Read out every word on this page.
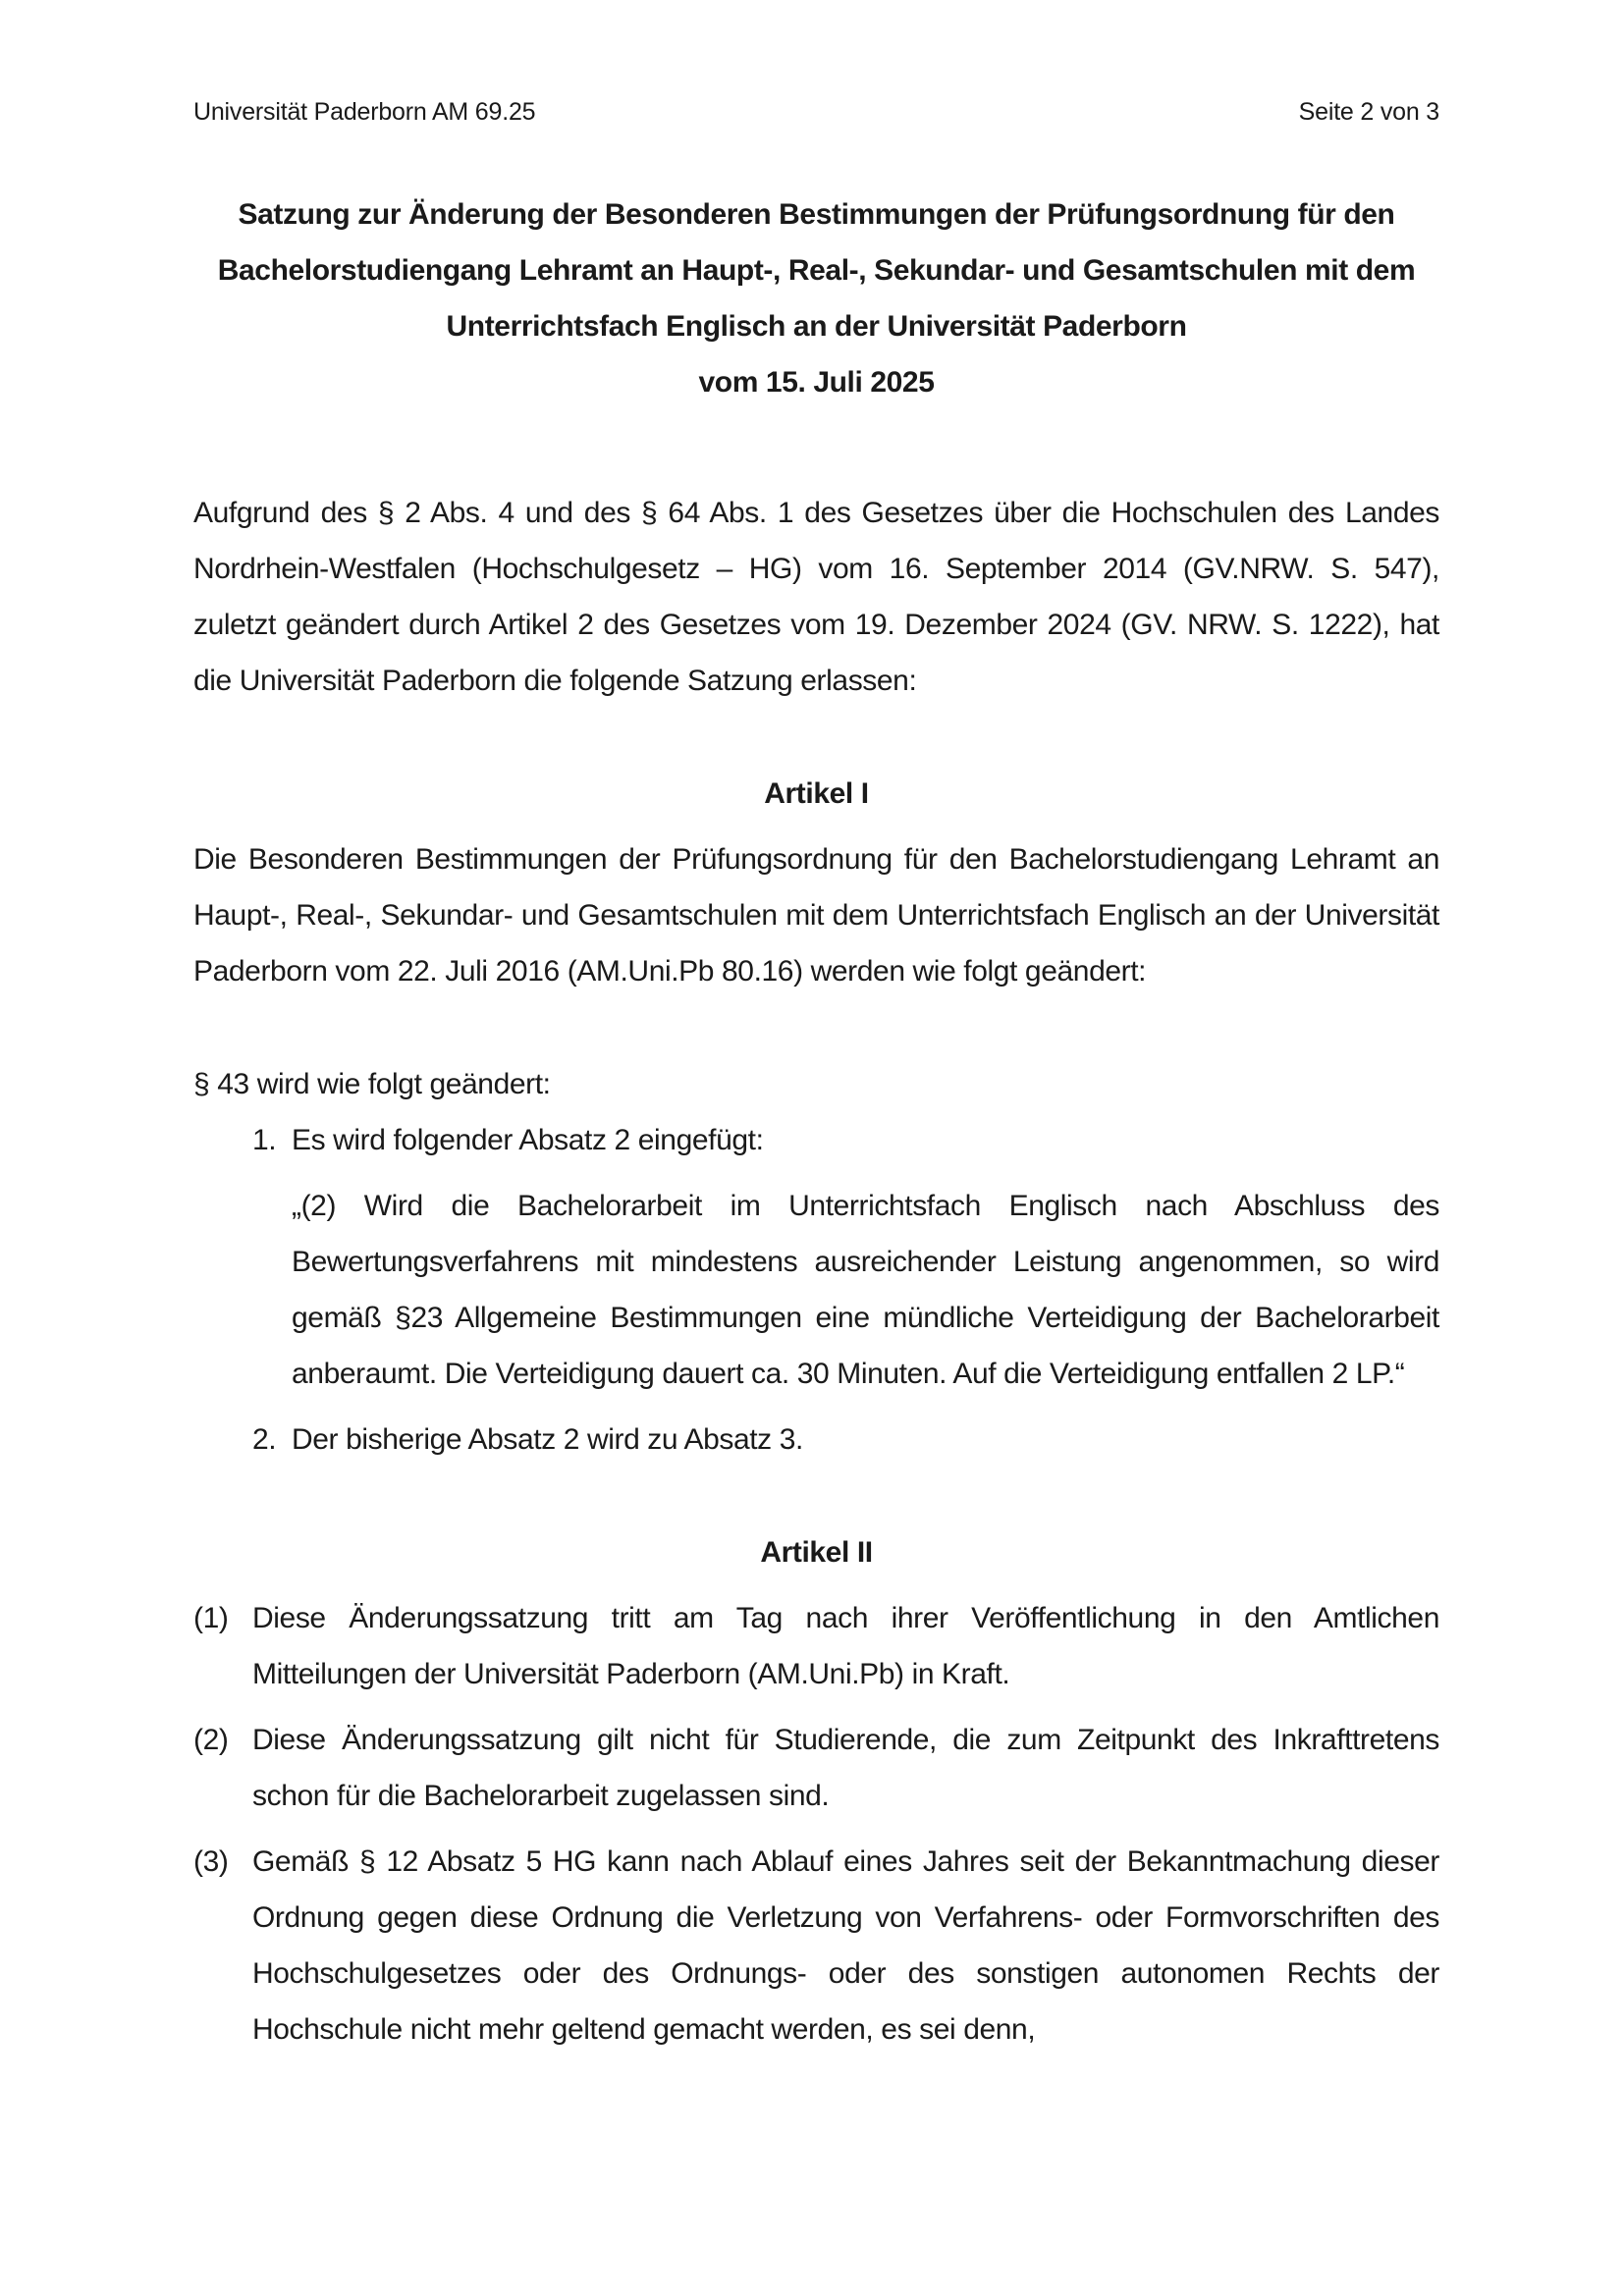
Universität Paderborn AM 69.25	Seite 2 von 3
Satzung zur Änderung der Besonderen Bestimmungen der Prüfungsordnung für den
Bachelorstudiengang Lehramt an Haupt-, Real-, Sekundar- und Gesamtschulen mit dem
Unterrichtsfach Englisch an der Universität Paderborn
vom 15. Juli 2025
Aufgrund des § 2 Abs. 4 und des § 64 Abs. 1 des Gesetzes über die Hochschulen des Landes Nordrhein-Westfalen (Hochschulgesetz – HG) vom 16. September 2014 (GV.NRW. S. 547), zuletzt geändert durch Artikel 2 des Gesetzes vom 19. Dezember 2024 (GV. NRW. S. 1222), hat die Universität Paderborn die folgende Satzung erlassen:
Artikel I
Die Besonderen Bestimmungen der Prüfungsordnung für den Bachelorstudiengang Lehramt an Haupt-, Real-, Sekundar- und Gesamtschulen mit dem Unterrichtsfach Englisch an der Universität Paderborn vom 22. Juli 2016 (AM.Uni.Pb 80.16) werden wie folgt geändert:
§ 43 wird wie folgt geändert:
1. Es wird folgender Absatz 2 eingefügt:
„(2) Wird die Bachelorarbeit im Unterrichtsfach Englisch nach Abschluss des Bewertungsverfahrens mit mindestens ausreichender Leistung angenommen, so wird gemäß §23 Allgemeine Bestimmungen eine mündliche Verteidigung der Bachelorarbeit anberaumt. Die Verteidigung dauert ca. 30 Minuten. Auf die Verteidigung entfallen 2 LP.“
2. Der bisherige Absatz 2 wird zu Absatz 3.
Artikel II
(1) Diese Änderungssatzung tritt am Tag nach ihrer Veröffentlichung in den Amtlichen Mitteilungen der Universität Paderborn (AM.Uni.Pb) in Kraft.
(2) Diese Änderungssatzung gilt nicht für Studierende, die zum Zeitpunkt des Inkrafttretens schon für die Bachelorarbeit zugelassen sind.
(3) Gemäß § 12 Absatz 5 HG kann nach Ablauf eines Jahres seit der Bekanntmachung dieser Ordnung gegen diese Ordnung die Verletzung von Verfahrens- oder Formvorschriften des Hochschulgesetzes oder des Ordnungs- oder des sonstigen autonomen Rechts der Hochschule nicht mehr geltend gemacht werden, es sei denn,
